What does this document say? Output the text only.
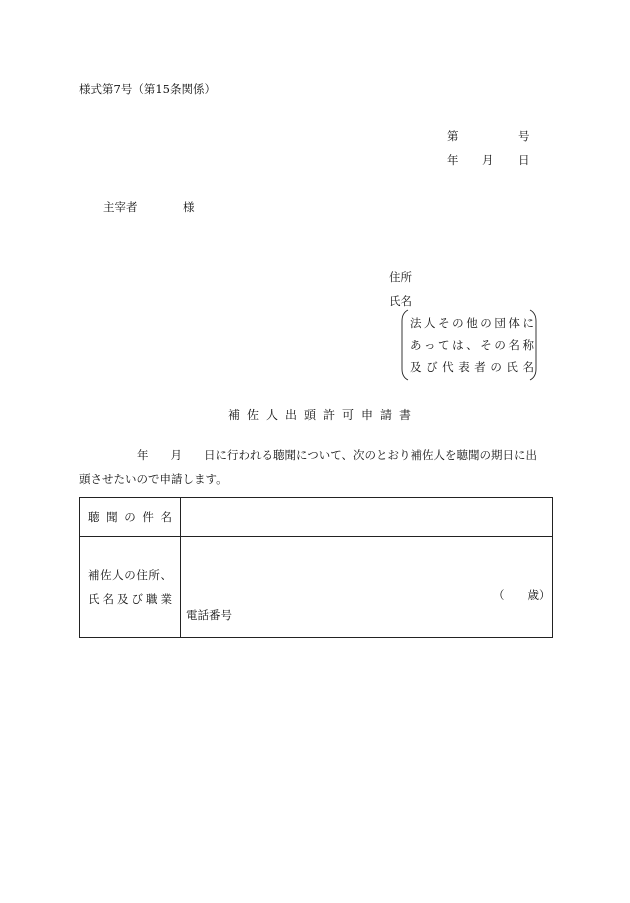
様式第7号（第15条関係）
第	号
年 月 日
主宰者	様
住所
氏名
法人その他の団体に
あっては、その名称
及び代表者の氏名
補佐人出頭許可申請書
年 月 日に行われる聴聞について、次のとおり補佐人を聴聞の期日に出
頭させたいので申請します。
聴聞の件名	
補佐人の住所、
氏名及び職業	（　　歳）
電話番号
